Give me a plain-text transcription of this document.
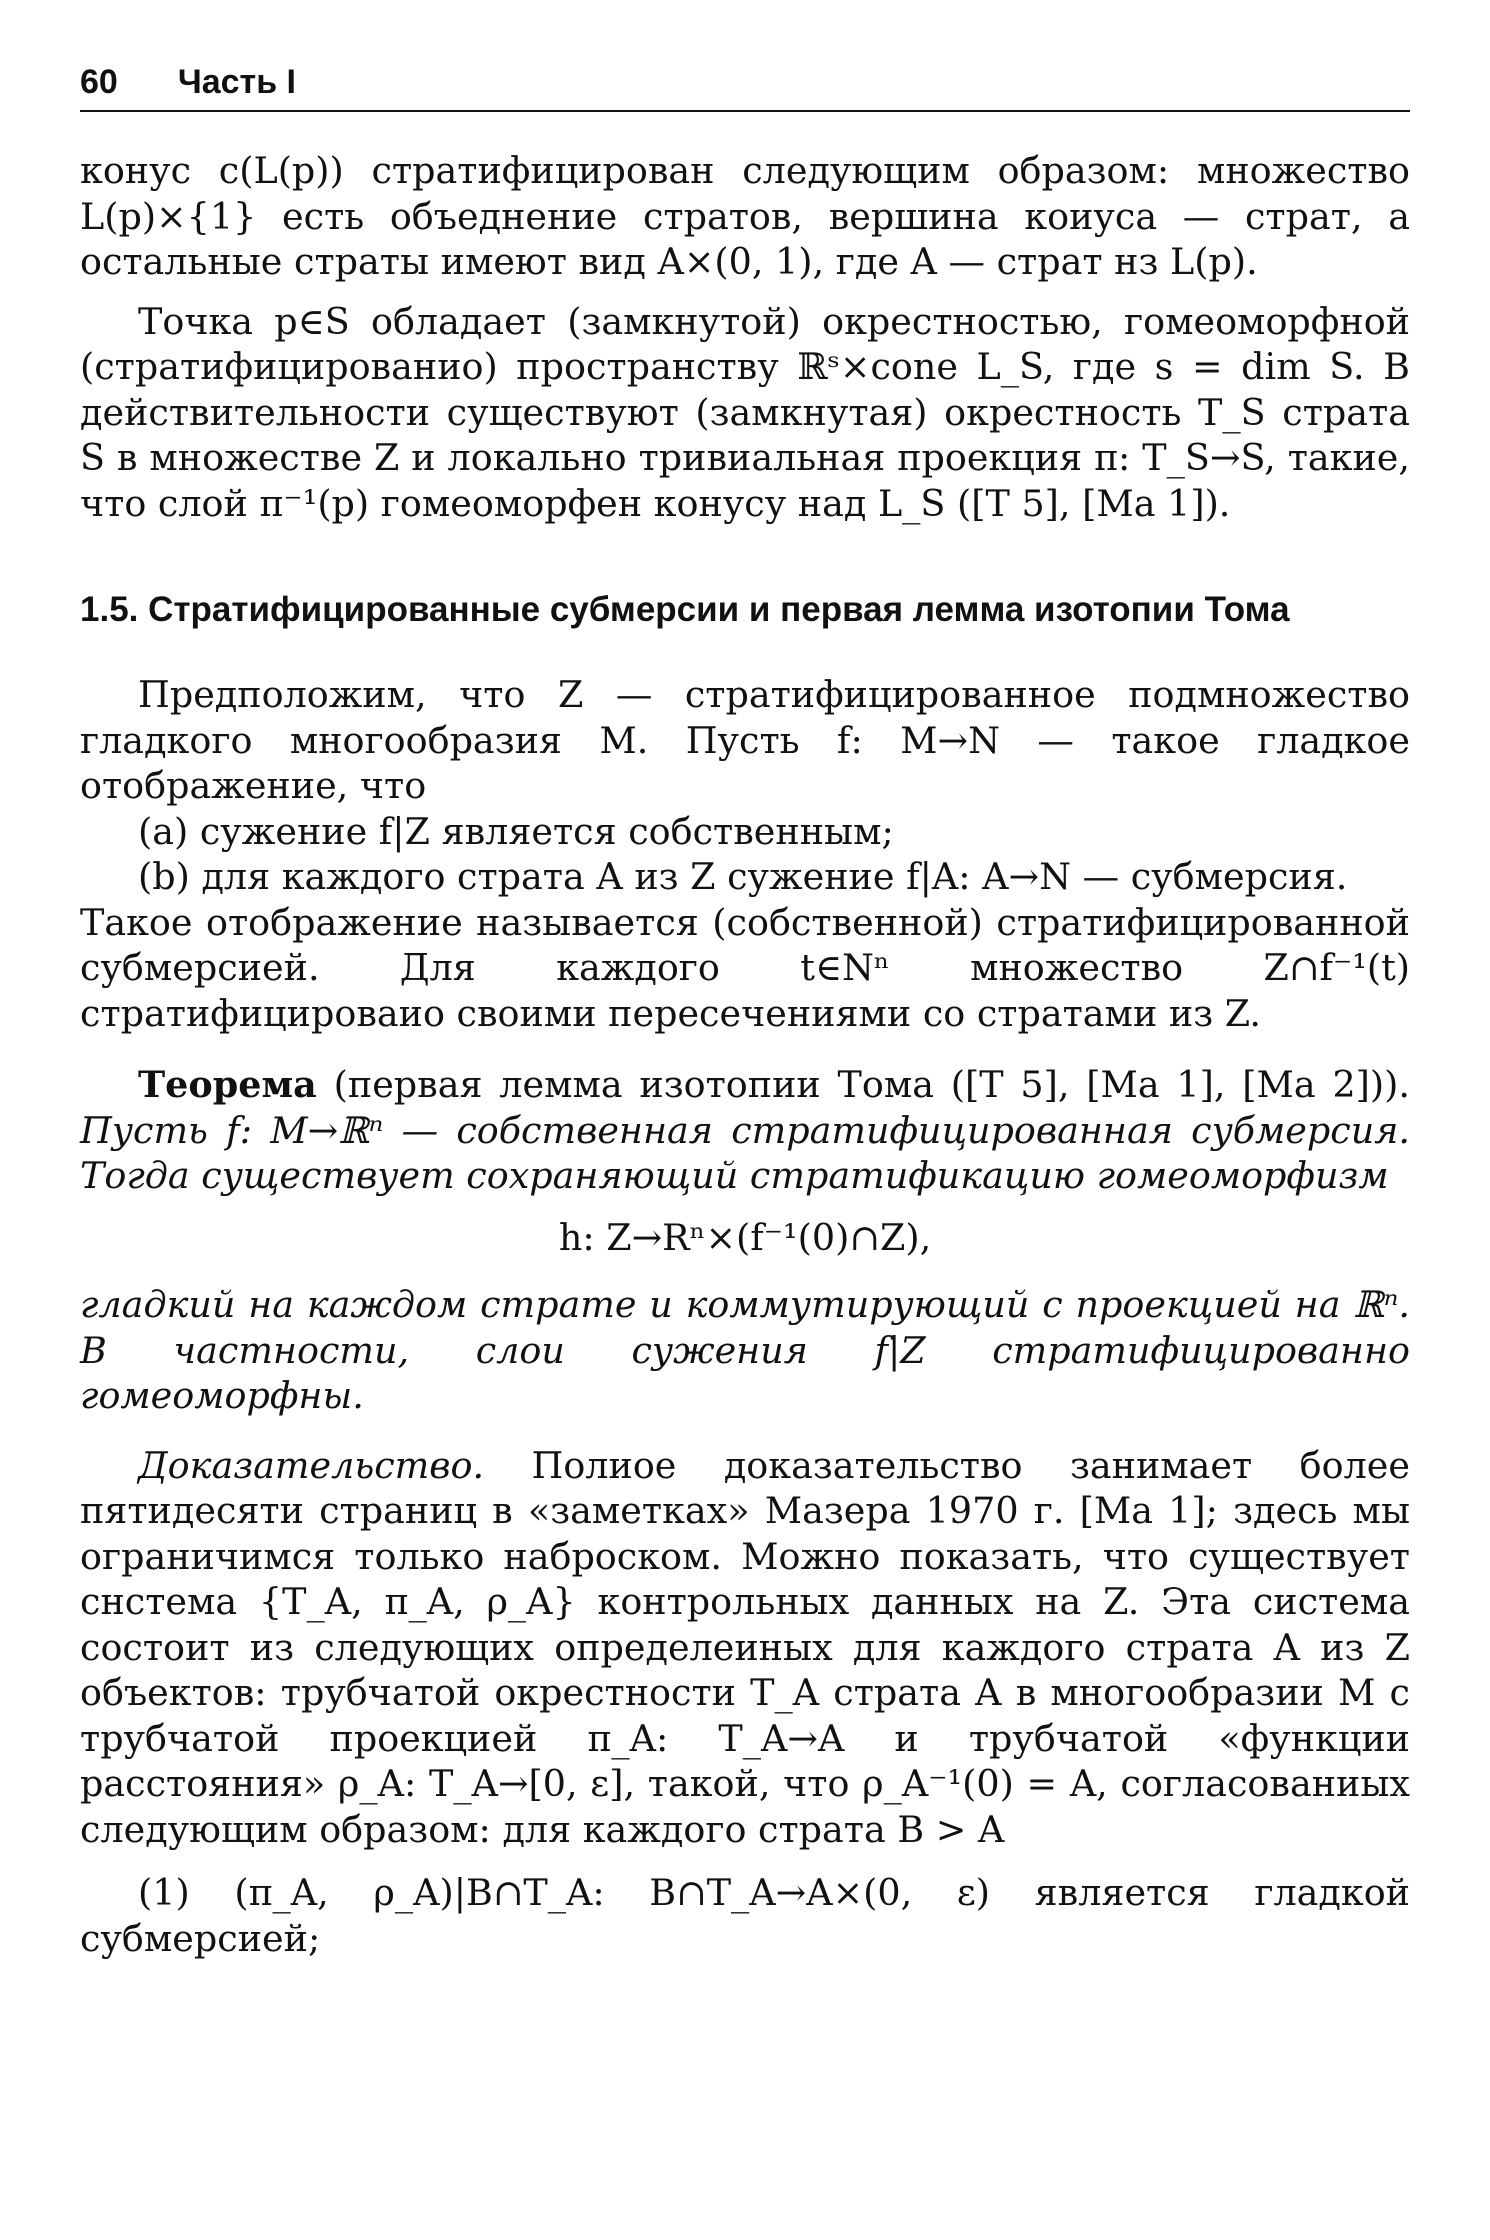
60 Часть I

конус c(L(p)) стратифицирован следующим образом: множество L(p)×{1} есть объеднение стратов, вершина коиуса — страт, а остальные страты имеют вид A×(0, 1), где A — страт нз L(p).

Точка p∈S обладает (замкнутой) окрестностью, гомеоморфной (стратифицированио) пространству ℝˢ×cone L_S, где s = dim S. В действительности существуют (замкнутая) окрестность T_S страта S в множестве Z и локально тривиальная проекция π: T_S→S, такие, что слой π⁻¹(p) гомеоморфен конусу над L_S ([T 5], [Ma 1]).

1.5. Стратифицированные субмерсии и первая лемма изотопии Тома

Предположим, что Z — стратифицированное подмножество гладкого многообразия M. Пусть f: M→N — такое гладкое отображение, что

(a) сужение f|Z является собственным;

(b) для каждого страта A из Z сужение f|A: A→N — субмерсия.

Такое отображение называется (собственной) стратифицированной субмерсией. Для каждого t∈Nⁿ множество Z∩f⁻¹(t) стратифицироваио своими пересечениями со стратами из Z.

Теорема (первая лемма изотопии Тома ([T 5], [Ma 1], [Ma 2])). Пусть f: M→ℝⁿ — собственная стратифицированная субмерсия. Тогда существует сохраняющий стратификацию гомеоморфизм

h: Z→Rⁿ×(f⁻¹(0)∩Z),

гладкий на каждом страте и коммутирующий с проекцией на ℝⁿ. В частности, слои сужения f|Z стратифицированно гомеоморфны.

Доказательство. Полиое доказательство занимает более пятидесяти страниц в «заметках» Мазера 1970 г. [Ma 1]; здесь мы ограничимся только наброском. Можно показать, что существует снстема {T_A, π_A, ρ_A} контрольных данных на Z. Эта система состоит из следующих определеиных для каждого страта A из Z объектов: трубчатой окрестности T_A страта A в многообразии M с трубчатой проекцией π_A: T_A→A и трубчатой «функции расстояния» ρ_A: T_A→[0, ε], такой, что ρ_A⁻¹(0) = A, согласованиых следующим образом: для каждого страта B > A

(1) (π_A, ρ_A)|B∩T_A: B∩T_A→A×(0, ε) является гладкой субмерсией;
